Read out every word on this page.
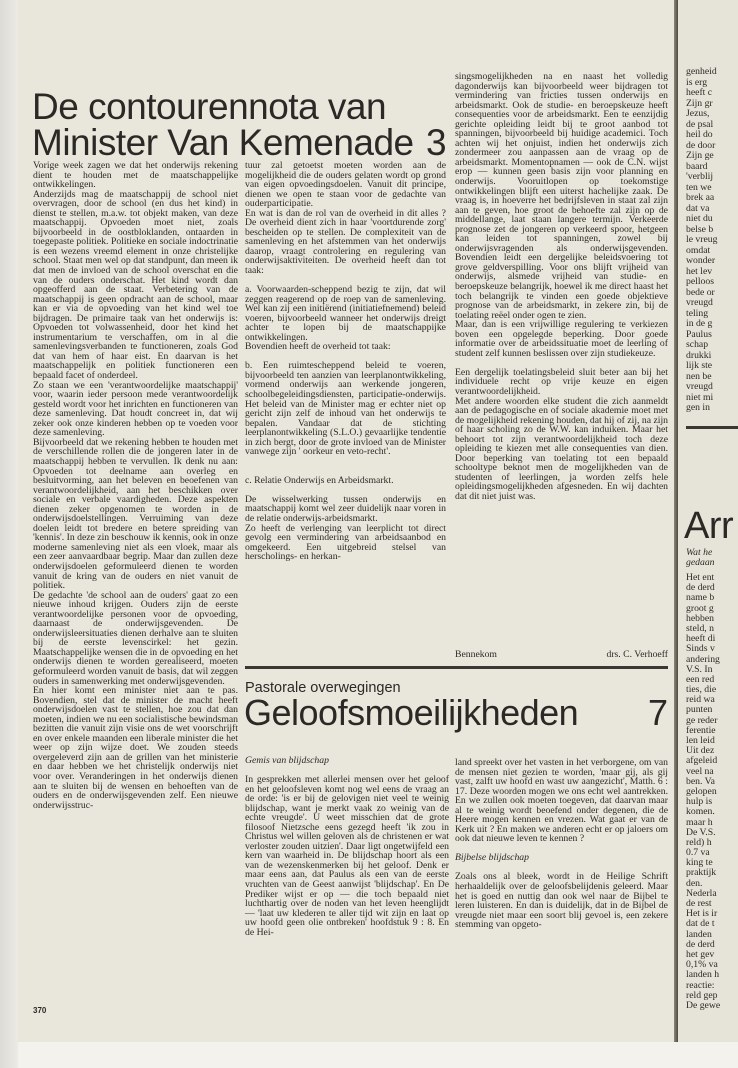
De contourennota van
Minister Van Kemenade 3

Vorige week zagen we dat het onderwijs rekening dient te houden met de maatschappelijke ontwikkelingen.

Anderzijds mag de maatschappij de school niet overvragen, door de school (en dus het kind) in dienst te stellen, m.a.w. tot objekt maken, van deze maatschappij. Opvoeden moet niet, zoals bijvoorbeeld in de oostbloklanden, ontaarden in toegepaste politiek. Politieke en sociale indoctrinatie is een wezens vreemd element in onze christelijke school. Staat men wel op dat standpunt, dan meen ik dat men de invloed van de school overschat en die van de ouders onderschat. Het kind wordt dan opgeofferd aan de staat. Verbetering van de maatschappij is geen opdracht aan de school, maar kan er via de opvoeding van het kind wel toe bijdragen. De primaire taak van het onderwijs is: Opvoeden tot volwassenheid, door het kind het instrumentarium te verschaffen, om in al die samenlevingsverbanden te functioneren, zoals God dat van hem of haar eist. En daarvan is het maatschappelijk en politiek functioneren een bepaald facet of onderdeel.

Zo staan we een 'verantwoordelijke maatschappij' voor, waarin ieder persoon mede verantwoordelijk gesteld wordt voor het inrichten en functioneren van deze samenleving. Dat houdt concreet in, dat wij zeker ook onze kinderen hebben op te voeden voor deze samenleving.

Bijvoorbeeld dat we rekening hebben te houden met de verschillende rollen die de jongeren later in de maatschappij hebben te vervullen. Ik denk nu aan: Opvoeden tot deelname aan overleg en besluitvorming, aan het beleven en beoefenen van verantwoordelijkheid, aan het beschikken over sociale en verbale vaardigheden. Deze aspekten dienen zeker opgenomen te worden in de onderwijsdoelstellingen. Verruiming van deze doelen leidt tot bredere en betere spreiding van 'kennis'. In deze zin beschouw ik kennis, ook in onze moderne samenleving niet als een vloek, maar als een zeer aanvaardbaar begrip. Maar dan zullen deze onderwijsdoelen geformuleerd dienen te worden vanuit de kring van de ouders en niet vanuit de politiek.

De gedachte 'de school aan de ouders' gaat zo een nieuwe inhoud krijgen. Ouders zijn de eerste verantwoordelijke personen voor de opvoeding, daarnaast de onderwijsgevenden. De onderwijsleersituaties dienen derhalve aan te sluiten bij de eerste levenscirkel: het gezin. Maatschappelijke wensen die in de opvoeding en het onderwijs dienen te worden gerealiseerd, moeten geformuleerd worden vanuit de basis, dat wil zeggen ouders in samenwerking met onderwijsgevenden.

En hier komt een minister niet aan te pas. Bovendien, stel dat de minister de macht heeft onderwijsdoelen vast te stellen, hoe zou dat dan moeten, indien we nu een socialistische bewindsman bezitten die vanuit zijn visie ons de wet voorschrijft en over enkele maanden een liberale minister die het weer op zijn wijze doet. We zouden steeds overgeleverd zijn aan de grillen van het ministerie en daar hebben we het christelijk onderwijs niet voor over. Veranderingen in het onderwijs dienen aan te sluiten bij de wensen en behoeften van de ouders en de onderwijsgevenden zelf. Een nieuwe onderwijsstruc-

tuur zal getoetst moeten worden aan de mogelijkheid die de ouders gelaten wordt op grond van eigen opvoedingsdoelen. Vanuit dit principe, dienen we open te staan voor de gedachte van ouderparticipatie.

En wat is dan de rol van de overheid in dit alles ? De overheid dient zich in haar 'voortdurende zorg' bescheiden op te stellen. De complexiteit van de samenleving en het afstemmen van het onderwijs daarop, vraagt controlering en regulering van onderwijsaktiviteiten. De overheid heeft dan tot taak:

a. Voorwaarden-scheppend bezig te zijn, dat wil zeggen reagerend op de roep van de samenleving. Wel kan zij een initiërend (initiatiefnemend) beleid voeren, bijvoorbeeld wanneer het onderwijs dreigt achter te lopen bij de maatschappijke ontwikkelingen.

Bovendien heeft de overheid tot taak:

b. Een ruimtescheppend beleid te voeren, bijvoorbeeld ten aanzien van leerplanontwikkeling, vormend onderwijs aan werkende jongeren, schoolbegeleidingsdiensten, participatie-onderwijs. Het beleid van de Minister mag er echter niet op gericht zijn zelf de inhoud van het onderwijs te bepalen. Vandaar dat de stichting leerplanontwikkeling (S.L.O.) gevaarlijke tendentie in zich bergt, door de grote invloed van de Minister vanwege zijn ' oorkeur en veto-recht'.

c. Relatie Onderwijs en Arbeidsmarkt.

De wisselwerking tussen onderwijs en maatschappij komt wel zeer duidelijk naar voren in de relatie onderwijs-arbeidsmarkt.

Zo heeft de verlenging van leerplicht tot direct gevolg een vermindering van arbeidsaanbod en omgekeerd. Een uitgebreid stelsel van herscholings- en herkan-

singsmogelijkheden na en naast het volledig dagonderwijs kan bijvoorbeeld weer bijdragen tot vermindering van fricties tussen onderwijs en arbeidsmarkt. Ook de studie- en beroepskeuze heeft consequenties voor de arbeidsmarkt. Een te eenzijdig gerichte opleiding leidt bij te groot aanbod tot spanningen, bijvoorbeeld bij huidige academici. Toch achten wij het onjuist, indien het onderwijs zich zondermeer zou aanpassen aan de vraag op de arbeidsmarkt. Momentopnamen — ook de C.N. wijst erop — kunnen geen basis zijn voor planning en onderwijs. Vooruitlopen op toekomstige ontwikkelingen blijft een uiterst hachelijke zaak. De vraag is, in hoeverre het bedrijfsleven in staat zal zijn aan te geven, hoe groot de behoefte zal zijn op de middellange, laat staan langere termijn. Verkeerde prognose zet de jongeren op verkeerd spoor, hetgeen kan leiden tot spanningen, zowel bij onderwijsvragenden als onderwijsgevenden. Bovendien leidt een dergelijke beleidsvoering tot grove geldverspilling. Voor ons blijft vrijheid van onderwijs, alsmede vrijheid van studie- en beroepskeuze belangrijk, hoewel ik me direct haast het toch belangrijk te vinden een goede objektieve prognose van de arbeidsmarkt, in zekere zin, bij de toelating reëel onder ogen te zien.

Maar, dan is een vrijwillige regulering te verkiezen boven een opgelegde beperking. Door goede informatie over de arbeidssituatie moet de leerling of student zelf kunnen beslissen over zijn studiekeuze.

Een dergelijk toelatingsbeleid sluit beter aan bij het individuele recht op vrije keuze en eigen verantwoordelijkheid.

Met andere woorden elke student die zich aanmeldt aan de pedagogische en of sociale akademie moet met de mogelijkheid rekening houden, dat hij of zij, na zijn of haar scholing zo de W.W. kan induiken. Maar het behoort tot zijn verantwoordelijkheid toch deze opleiding te kiezen met alle consequenties van dien. Door beperking van toelating tot een bepaald schooltype beknot men de mogelijkheden van de studenten of leerlingen, ja worden zelfs hele opleidingsmogelijkheden afgesneden. En wij dachten dat dit niet juist was.

Bennekom	drs. C. Verhoeff
370
Pastorale overwegingen
Geloofsmoeilijkheden 7
Gemis van blijdschap

In gesprekken met allerlei mensen over het geloof en het geloofsleven komt nog wel eens de vraag an de orde: 'is er bij de gelovigen niet veel te weinig blijdschap, want je merkt vaak zo weinig van de echte vreugde'. U weet misschien dat de grote filosoof Nietzsche eens gezegd heeft 'ik zou in Christus wel willen geloven als de christenen er wat verloster zouden uitzien'. Daar ligt ongetwijfeld een kern van waarheid in. De blijdschap hoort als een van de wezenskenmerken bij het geloof. Denk er maar eens aan, dat Paulus als een van de eerste vruchten van de Geest aanwijst 'blijdschap'. En De Prediker wijst er op — die toch bepaald niet luchthartig over de noden van het leven heenglijdt — 'laat uw klederen te aller tijd wit zijn en laat op uw hoofd geen olie ontbreken' hoofdstuk 9 : 8. En de Hei-

land spreekt over het vasten in het verborgene, om van de mensen niet gezien te worden, 'maar gij, als gij vast, zalft uw hoofd en wast uw aangezicht', Matth. 6 : 17. Deze woorden mogen we ons echt wel aantrekken. En we zullen ook moeten toegeven, dat daarvan maar al te weinig wordt beoefend onder degenen, die de Heere mogen kennen en vrezen. Wat gaat er van de Kerk uit ? En maken we anderen echt er op jaloers om ook dat nieuwe leven te kennen ?

Bijbelse blijdschap

Zoals ons al bleek, wordt in de Heilige Schrift herhaaldelijk over de geloofsbelijdenis geleerd. Maar het is goed en nuttig dan ook wel naar de Bijbel te leren luisteren. En dan is duidelijk, dat in de Bijbel de vreugde niet maar een soort blij gevoel is, een zekere stemming van opgeto-

genheid
is erg
heeft c
Zijn gr
Jezus,
de psal
heil do
de door
Zijn ge
baard
'verblij
ten we
brek aa
dat va
niet du
belse b
le vreug
omdat
wonder
het lev
pelloos
bede or
vreugd
teling
in de g
Paulus
schap
drukki
lijk ste
nen be
vreugd
niet mi
gen in
Arr
Wat he
gedaan
Het ent
de derd
name b
groot g
hebben
steld, n
heeft di
Sinds v
andering
V.S. In
een red
ties, die
reid wa
punten
ge reder
ferentie
len leid
Uit dez
afgeleid
veel na
ben. Va
gelopen
hulp is
komen.
maar h
De V.S.
reld) h
0.7 va
king te
praktijk
den.
Nederla
de rest
Het is ir
dat de t
landen
de derd
het gev
0,1% va
landen h
reactie:
reld gep
De gewe
